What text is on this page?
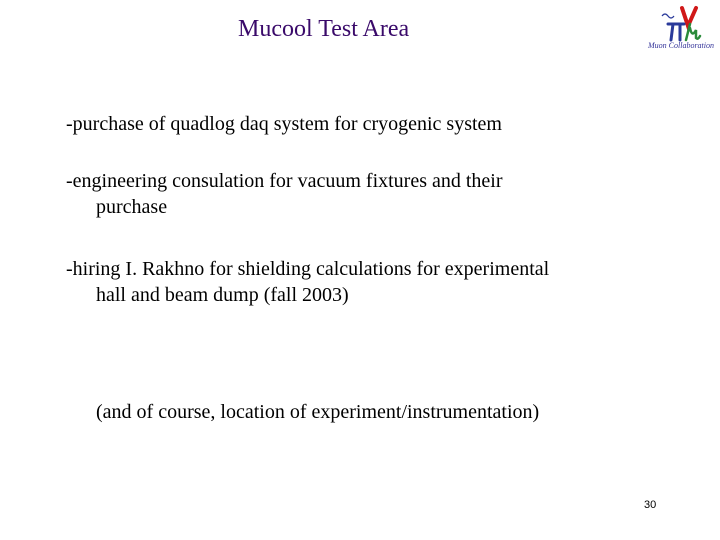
Mucool Test Area
Muon Collaboration
-purchase of quadlog daq system for cryogenic system
-engineering consulation for vacuum fixtures and their
purchase
-hiring I. Rakhno for shielding calculations for experimental
hall and beam dump (fall 2003)
(and of course, location of experiment/instrumentation)
30
